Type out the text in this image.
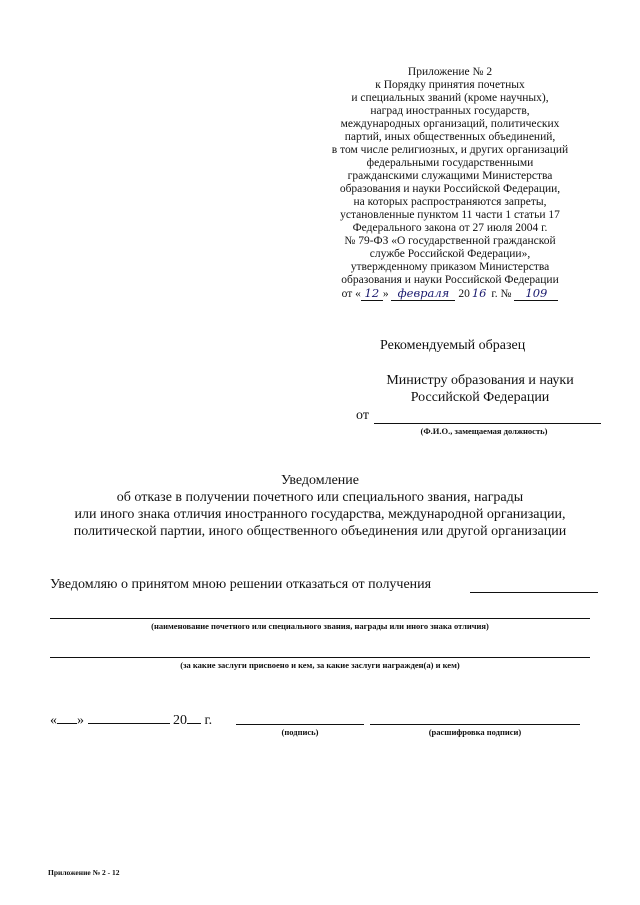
Приложение № 2
к Порядку принятия почетных
и специальных званий (кроме научных),
наград иностранных государств,
международных организаций, политических
партий, иных общественных объединений,
в том числе религиозных, и других организаций
федеральными государственными
гражданскими служащими Министерства
образования и науки Российской Федерации,
на которых распространяются запреты,
установленные пунктом 11 части 1 статьи 17
Федерального закона от 27 июля 2004 г.
№ 79-ФЗ «О государственной гражданской
службе Российской Федерации»,
утвержденному приказом Министерства
образования и науки Российской Федерации
от « 12 » февраля 20 16 г. № 109
Рекомендуемый образец
Министру образования и науки
Российской Федерации
от
(Ф.И.О., замещаемая должность)
Уведомление
об отказе в получении почетного или специального звания, награды
или иного знака отличия иностранного государства, международной организации,
политической партии, иного общественного объединения или другой организации
Уведомляю о принятом мною решении отказаться от получения
(наименование почетного или специального звания, награды или иного знака отличия)
(за какие заслуги присвоено и кем, за какие заслуги награжден(а) и кем)
« »	20 г.
(подпись)	(расшифровка подписи)
Приложение № 2 - 12
